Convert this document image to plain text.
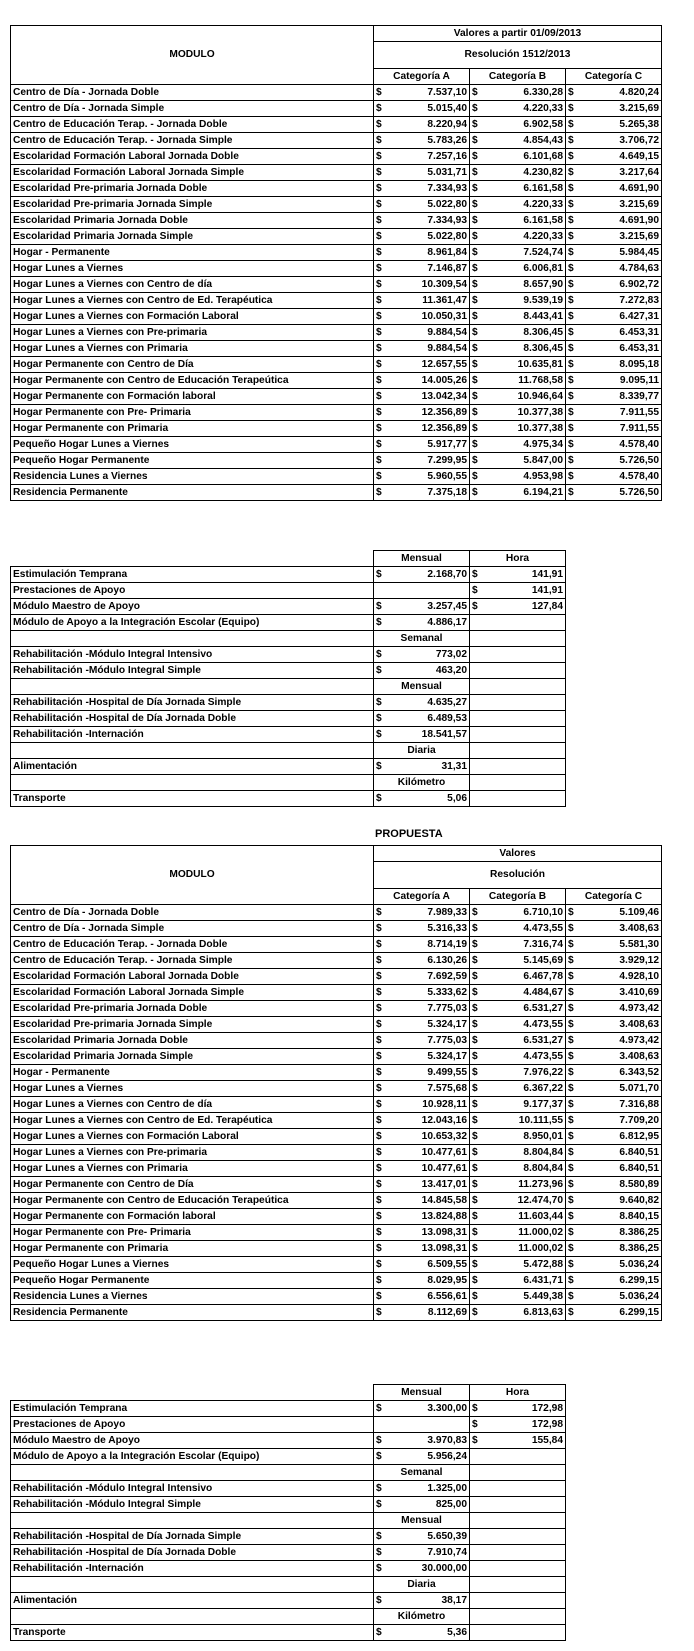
MODULO	Valores a partir 01/09/2013					
	Resolución 1512/2013					
	Categoría A		Categoría B		Categoría C	
Centro de Día - Jornada Doble	$	7.537,10	$	6.330,28	$	4.820,24
Centro de Día - Jornada Simple	$	5.015,40	$	4.220,33	$	3.215,69
Centro de Educación Terap. - Jornada Doble	$	8.220,94	$	6.902,58	$	5.265,38
Centro de Educación Terap. - Jornada Simple	$	5.783,26	$	4.854,43	$	3.706,72
Escolaridad Formación Laboral Jornada Doble	$	7.257,16	$	6.101,68	$	4.649,15
Escolaridad Formación Laboral Jornada Simple	$	5.031,71	$	4.230,82	$	3.217,64
Escolaridad Pre-primaria Jornada Doble	$	7.334,93	$	6.161,58	$	4.691,90
Escolaridad Pre-primaria Jornada Simple	$	5.022,80	$	4.220,33	$	3.215,69
Escolaridad Primaria Jornada Doble	$	7.334,93	$	6.161,58	$	4.691,90
Escolaridad Primaria Jornada Simple	$	5.022,80	$	4.220,33	$	3.215,69
Hogar - Permanente	$	8.961,84	$	7.524,74	$	5.984,45
Hogar Lunes a Viernes	$	7.146,87	$	6.006,81	$	4.784,63
Hogar Lunes a Viernes con Centro de día	$	10.309,54	$	8.657,90	$	6.902,72
Hogar Lunes a Viernes con Centro de Ed. Terapéutica	$	11.361,47	$	9.539,19	$	7.272,83
Hogar Lunes a Viernes con Formación Laboral	$	10.050,31	$	8.443,41	$	6.427,31
Hogar Lunes a Viernes con Pre-primaria	$	9.884,54	$	8.306,45	$	6.453,31
Hogar Lunes a Viernes con Primaria	$	9.884,54	$	8.306,45	$	6.453,31
Hogar Permanente con Centro de Día	$	12.657,55	$	10.635,81	$	8.095,18
Hogar Permanente con Centro de Educación Terapeútica	$	14.005,26	$	11.768,58	$	9.095,11
Hogar Permanente con Formación laboral	$	13.042,34	$	10.946,64	$	8.339,77
Hogar Permanente con Pre- Primaria	$	12.356,89	$	10.377,38	$	7.911,55
Hogar Permanente con Primaria	$	12.356,89	$	10.377,38	$	7.911,55
Pequeño Hogar Lunes a Viernes	$	5.917,77	$	4.975,34	$	4.578,40
Pequeño Hogar Permanente	$	7.299,95	$	5.847,00	$	5.726,50
Residencia Lunes a Viernes	$	5.960,55	$	4.953,98	$	4.578,40
Residencia Permanente	$	7.375,18	$	6.194,21	$	5.726,50
	Mensual		Hora	
Estimulación Temprana	$	2.168,70	$	141,91
Prestaciones de Apoyo			$	141,91
Módulo Maestro de Apoyo	$	3.257,45	$	127,84
Módulo de Apoyo a la Integración Escolar (Equipo)	$	4.886,17		
	Semanal			
Rehabilitación -Módulo Integral Intensivo	$	773,02		
Rehabilitación -Módulo Integral Simple	$	463,20		
	Mensual			
Rehabilitación -Hospital de Día Jornada Simple	$	4.635,27		
Rehabilitación -Hospital de Día Jornada Doble	$	6.489,53		
Rehabilitación -Internación	$	18.541,57		
	Diaria			
Alimentación	$	31,31		
	Kilómetro			
Transporte	$	5,06		
PROPUESTA
MODULO	Valores					
	Resolución					
	Categoría A		Categoría B		Categoría C	
Centro de Día - Jornada Doble	$	7.989,33	$	6.710,10	$	5.109,46
Centro de Día - Jornada Simple	$	5.316,33	$	4.473,55	$	3.408,63
Centro de Educación Terap. - Jornada Doble	$	8.714,19	$	7.316,74	$	5.581,30
Centro de Educación Terap. - Jornada Simple	$	6.130,26	$	5.145,69	$	3.929,12
Escolaridad Formación Laboral Jornada Doble	$	7.692,59	$	6.467,78	$	4.928,10
Escolaridad Formación Laboral Jornada Simple	$	5.333,62	$	4.484,67	$	3.410,69
Escolaridad Pre-primaria Jornada Doble	$	7.775,03	$	6.531,27	$	4.973,42
Escolaridad Pre-primaria Jornada Simple	$	5.324,17	$	4.473,55	$	3.408,63
Escolaridad Primaria Jornada Doble	$	7.775,03	$	6.531,27	$	4.973,42
Escolaridad Primaria Jornada Simple	$	5.324,17	$	4.473,55	$	3.408,63
Hogar - Permanente	$	9.499,55	$	7.976,22	$	6.343,52
Hogar Lunes a Viernes	$	7.575,68	$	6.367,22	$	5.071,70
Hogar Lunes a Viernes con Centro de día	$	10.928,11	$	9.177,37	$	7.316,88
Hogar Lunes a Viernes con Centro de Ed. Terapéutica	$	12.043,16	$	10.111,55	$	7.709,20
Hogar Lunes a Viernes con Formación Laboral	$	10.653,32	$	8.950,01	$	6.812,95
Hogar Lunes a Viernes con Pre-primaria	$	10.477,61	$	8.804,84	$	6.840,51
Hogar Lunes a Viernes con Primaria	$	10.477,61	$	8.804,84	$	6.840,51
Hogar Permanente con Centro de Día	$	13.417,01	$	11.273,96	$	8.580,89
Hogar Permanente con Centro de Educación Terapeútica	$	14.845,58	$	12.474,70	$	9.640,82
Hogar Permanente con Formación laboral	$	13.824,88	$	11.603,44	$	8.840,15
Hogar Permanente con Pre- Primaria	$	13.098,31	$	11.000,02	$	8.386,25
Hogar Permanente con Primaria	$	13.098,31	$	11.000,02	$	8.386,25
Pequeño Hogar Lunes a Viernes	$	6.509,55	$	5.472,88	$	5.036,24
Pequeño Hogar Permanente	$	8.029,95	$	6.431,71	$	6.299,15
Residencia Lunes a Viernes	$	6.556,61	$	5.449,38	$	5.036,24
Residencia Permanente	$	8.112,69	$	6.813,63	$	6.299,15
	Mensual		Hora	
Estimulación Temprana	$	3.300,00	$	172,98
Prestaciones de Apoyo			$	172,98
Módulo Maestro de Apoyo	$	3.970,83	$	155,84
Módulo de Apoyo a la Integración Escolar (Equipo)	$	5.956,24		
	Semanal			
Rehabilitación -Módulo Integral Intensivo	$	1.325,00		
Rehabilitación -Módulo Integral Simple	$	825,00		
	Mensual			
Rehabilitación -Hospital de Día Jornada Simple	$	5.650,39		
Rehabilitación -Hospital de Día Jornada Doble	$	7.910,74		
Rehabilitación -Internación	$	30.000,00		
	Diaria			
Alimentación	$	38,17		
	Kilómetro			
Transporte	$	5,36		
